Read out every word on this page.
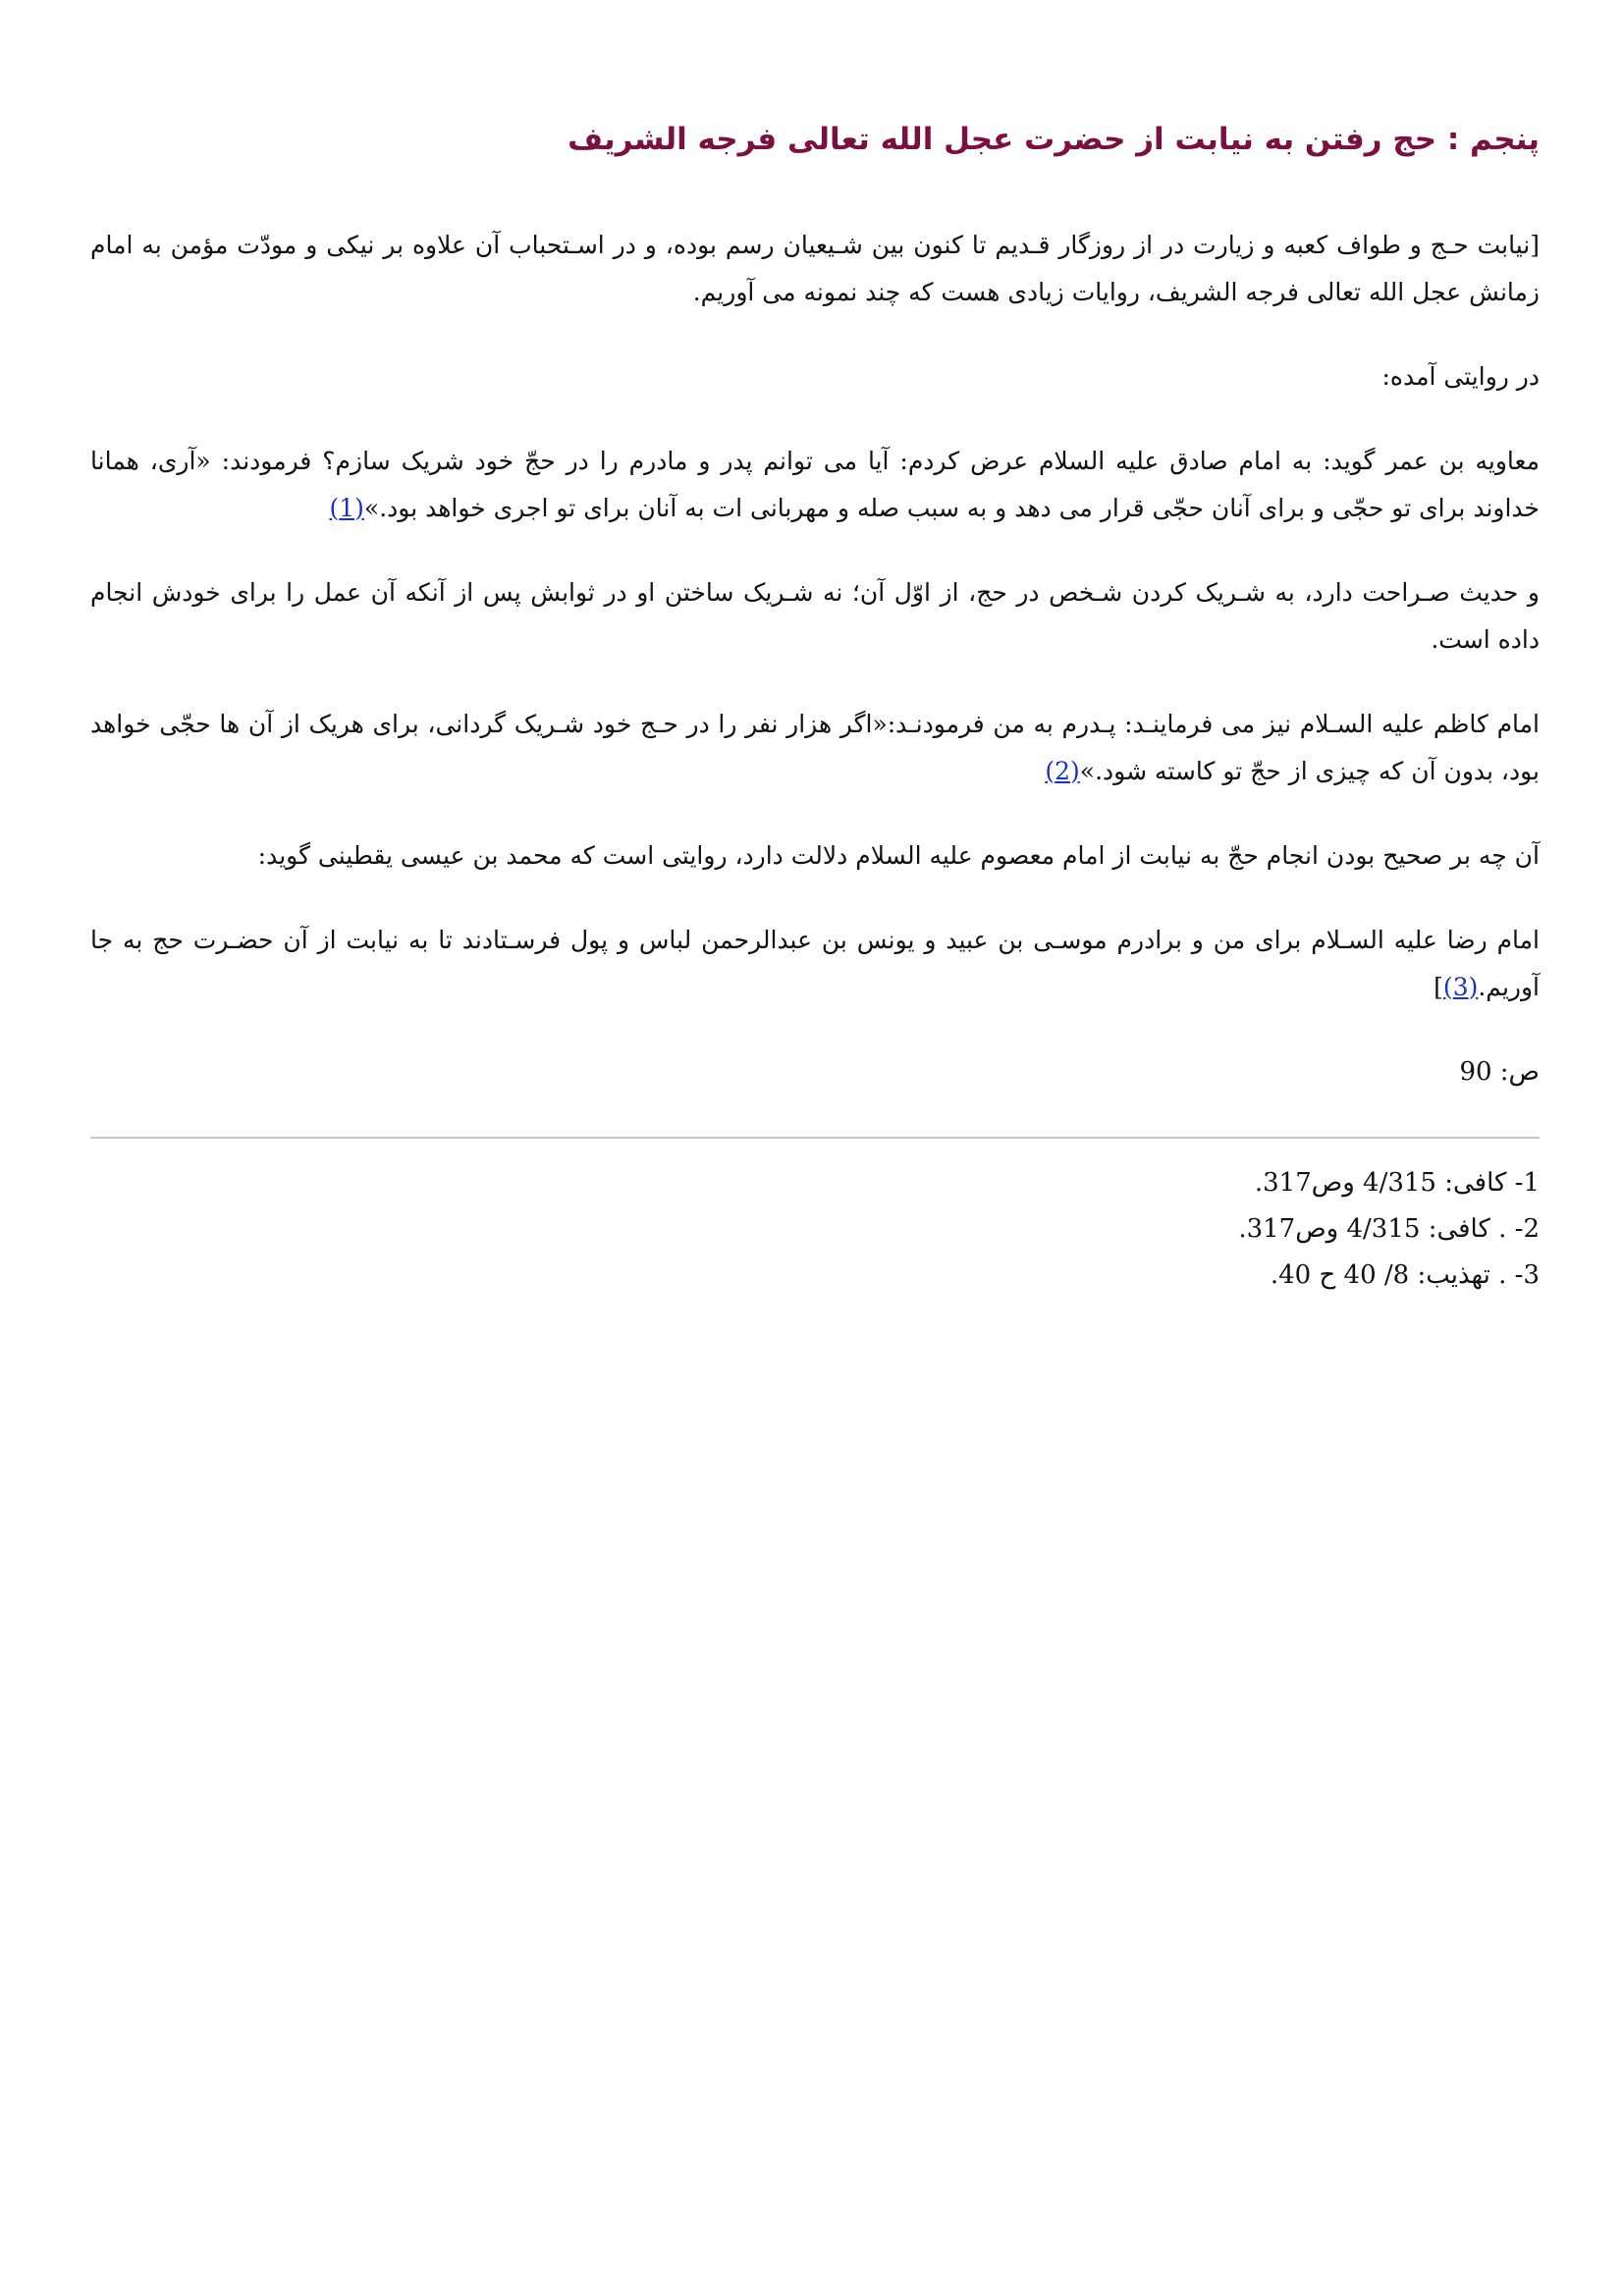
پنجم : حج رفتن به نیابت از حضرت عجل الله تعالی فرجه الشریف

[نیابت حـج و طواف کعبه و زیارت در از روزگار قـدیم تا کنون بین شـیعیان رسم بوده، و در اسـتحباب آن علاوه بر نیکی و مودّت مؤمن به امام زمانش عجل الله تعالی فرجه الشریف، روایات زیادی هست که چند نمونه می آوریم.

در روایتی آمده:

معاویه بن عمر گوید: به امام صادق علیه السلام عرض کردم: آیا می توانم پدر و مادرم را در حجّ خود شریک سازم؟ فرمودند: «آری، همانا خداوند برای تو حجّی و برای آنان حجّی قرار می دهد و به سبب صله و مهربانی ات به آنان برای تو اجری خواهد بود.»(1)

و حدیث صـراحت دارد، به شـریک کردن شـخص در حج، از اوّل آن؛ نه شـریک ساختن او در ثوابش پس از آنکه آن عمل را برای خودش انجام داده است.

امام کاظم علیه السـلام نیز می فرماینـد: پـدرم به من فرمودنـد:«اگر هزار نفر را در حـج خود شـریک گردانی، برای هریک از آن ها حجّی خواهد بود، بدون آن که چیزی از حجّ تو کاسته شود.»(2)

آن چه بر صحیح بودن انجام حجّ به نیابت از امام معصوم علیه السلام دلالت دارد، روایتی است که محمد بن عیسی یقطینی گوید:

امام رضا علیه السـلام برای من و برادرم موسـی بن عبید و یونس بن عبدالرحمن لباس و پول فرسـتادند تا به نیابت از آن حضـرت حج به جا آوریم.(3)]

ص: 90
1- کافی: 4/315 وص317.
2- . کافی: 4/315 وص317.
3- . تهذیب: 8/ 40 ح 40.
